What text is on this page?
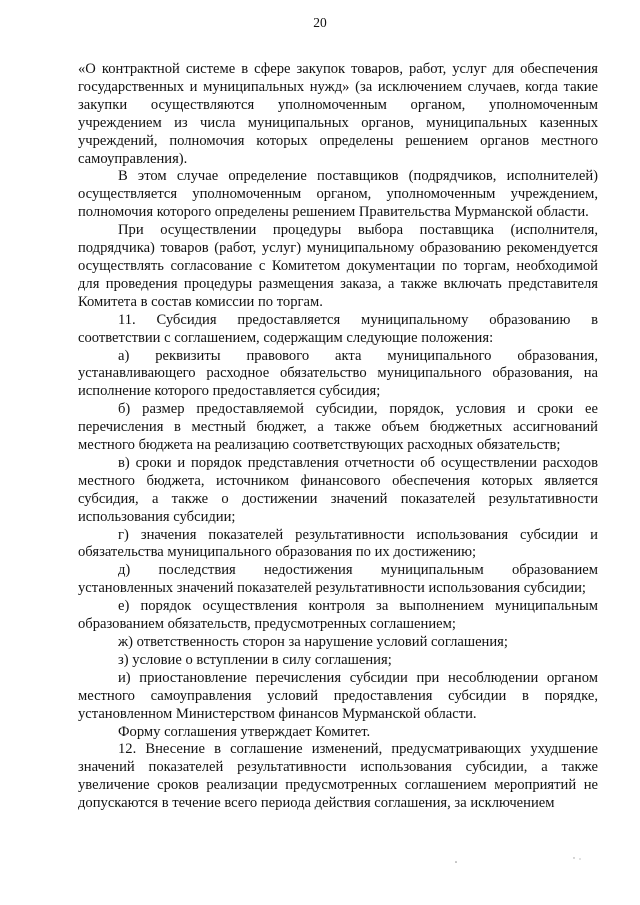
20

«О контрактной системе в сфере закупок товаров, работ, услуг для обеспечения государственных и муниципальных нужд» (за исключением случаев, когда такие закупки осуществляются уполномоченным органом, уполномоченным учреждением из числа муниципальных органов, муниципальных казенных учреждений, полномочия которых определены решением органов местного самоуправления).

В этом случае определение поставщиков (подрядчиков, исполнителей) осуществляется уполномоченным органом, уполномоченным учреждением, полномочия которого определены решением Правительства Мурманской области.

При осуществлении процедуры выбора поставщика (исполнителя, подрядчика) товаров (работ, услуг) муниципальному образованию рекомендуется осуществлять согласование с Комитетом документации по торгам, необходимой для проведения процедуры размещения заказа, а также включать представителя Комитета в состав комиссии по торгам.

11. Субсидия предоставляется муниципальному образованию в соответствии с соглашением, содержащим следующие положения:

а) реквизиты правового акта муниципального образования, устанавливающего расходное обязательство муниципального образования, на исполнение которого предоставляется субсидия;

б) размер предоставляемой субсидии, порядок, условия и сроки ее перечисления в местный бюджет, а также объем бюджетных ассигнований местного бюджета на реализацию соответствующих расходных обязательств;

в) сроки и порядок представления отчетности об осуществлении расходов местного бюджета, источником финансового обеспечения которых является субсидия, а также о достижении значений показателей результативности использования субсидии;

г) значения показателей результативности использования субсидии и обязательства муниципального образования по их достижению;

д) последствия недостижения муниципальным образованием установленных значений показателей результативности использования субсидии;

е) порядок осуществления контроля за выполнением муниципальным образованием обязательств, предусмотренных соглашением;

ж) ответственность сторон за нарушение условий соглашения;

з) условие о вступлении в силу соглашения;

и) приостановление перечисления субсидии при несоблюдении органом местного самоуправления условий предоставления субсидии в порядке, установленном Министерством финансов Мурманской области.

Форму соглашения утверждает Комитет.

12. Внесение в соглашение изменений, предусматривающих ухудшение значений показателей результативности использования субсидии, а также увеличение сроков реализации предусмотренных соглашением мероприятий не допускаются в течение всего периода действия соглашения, за исключением
